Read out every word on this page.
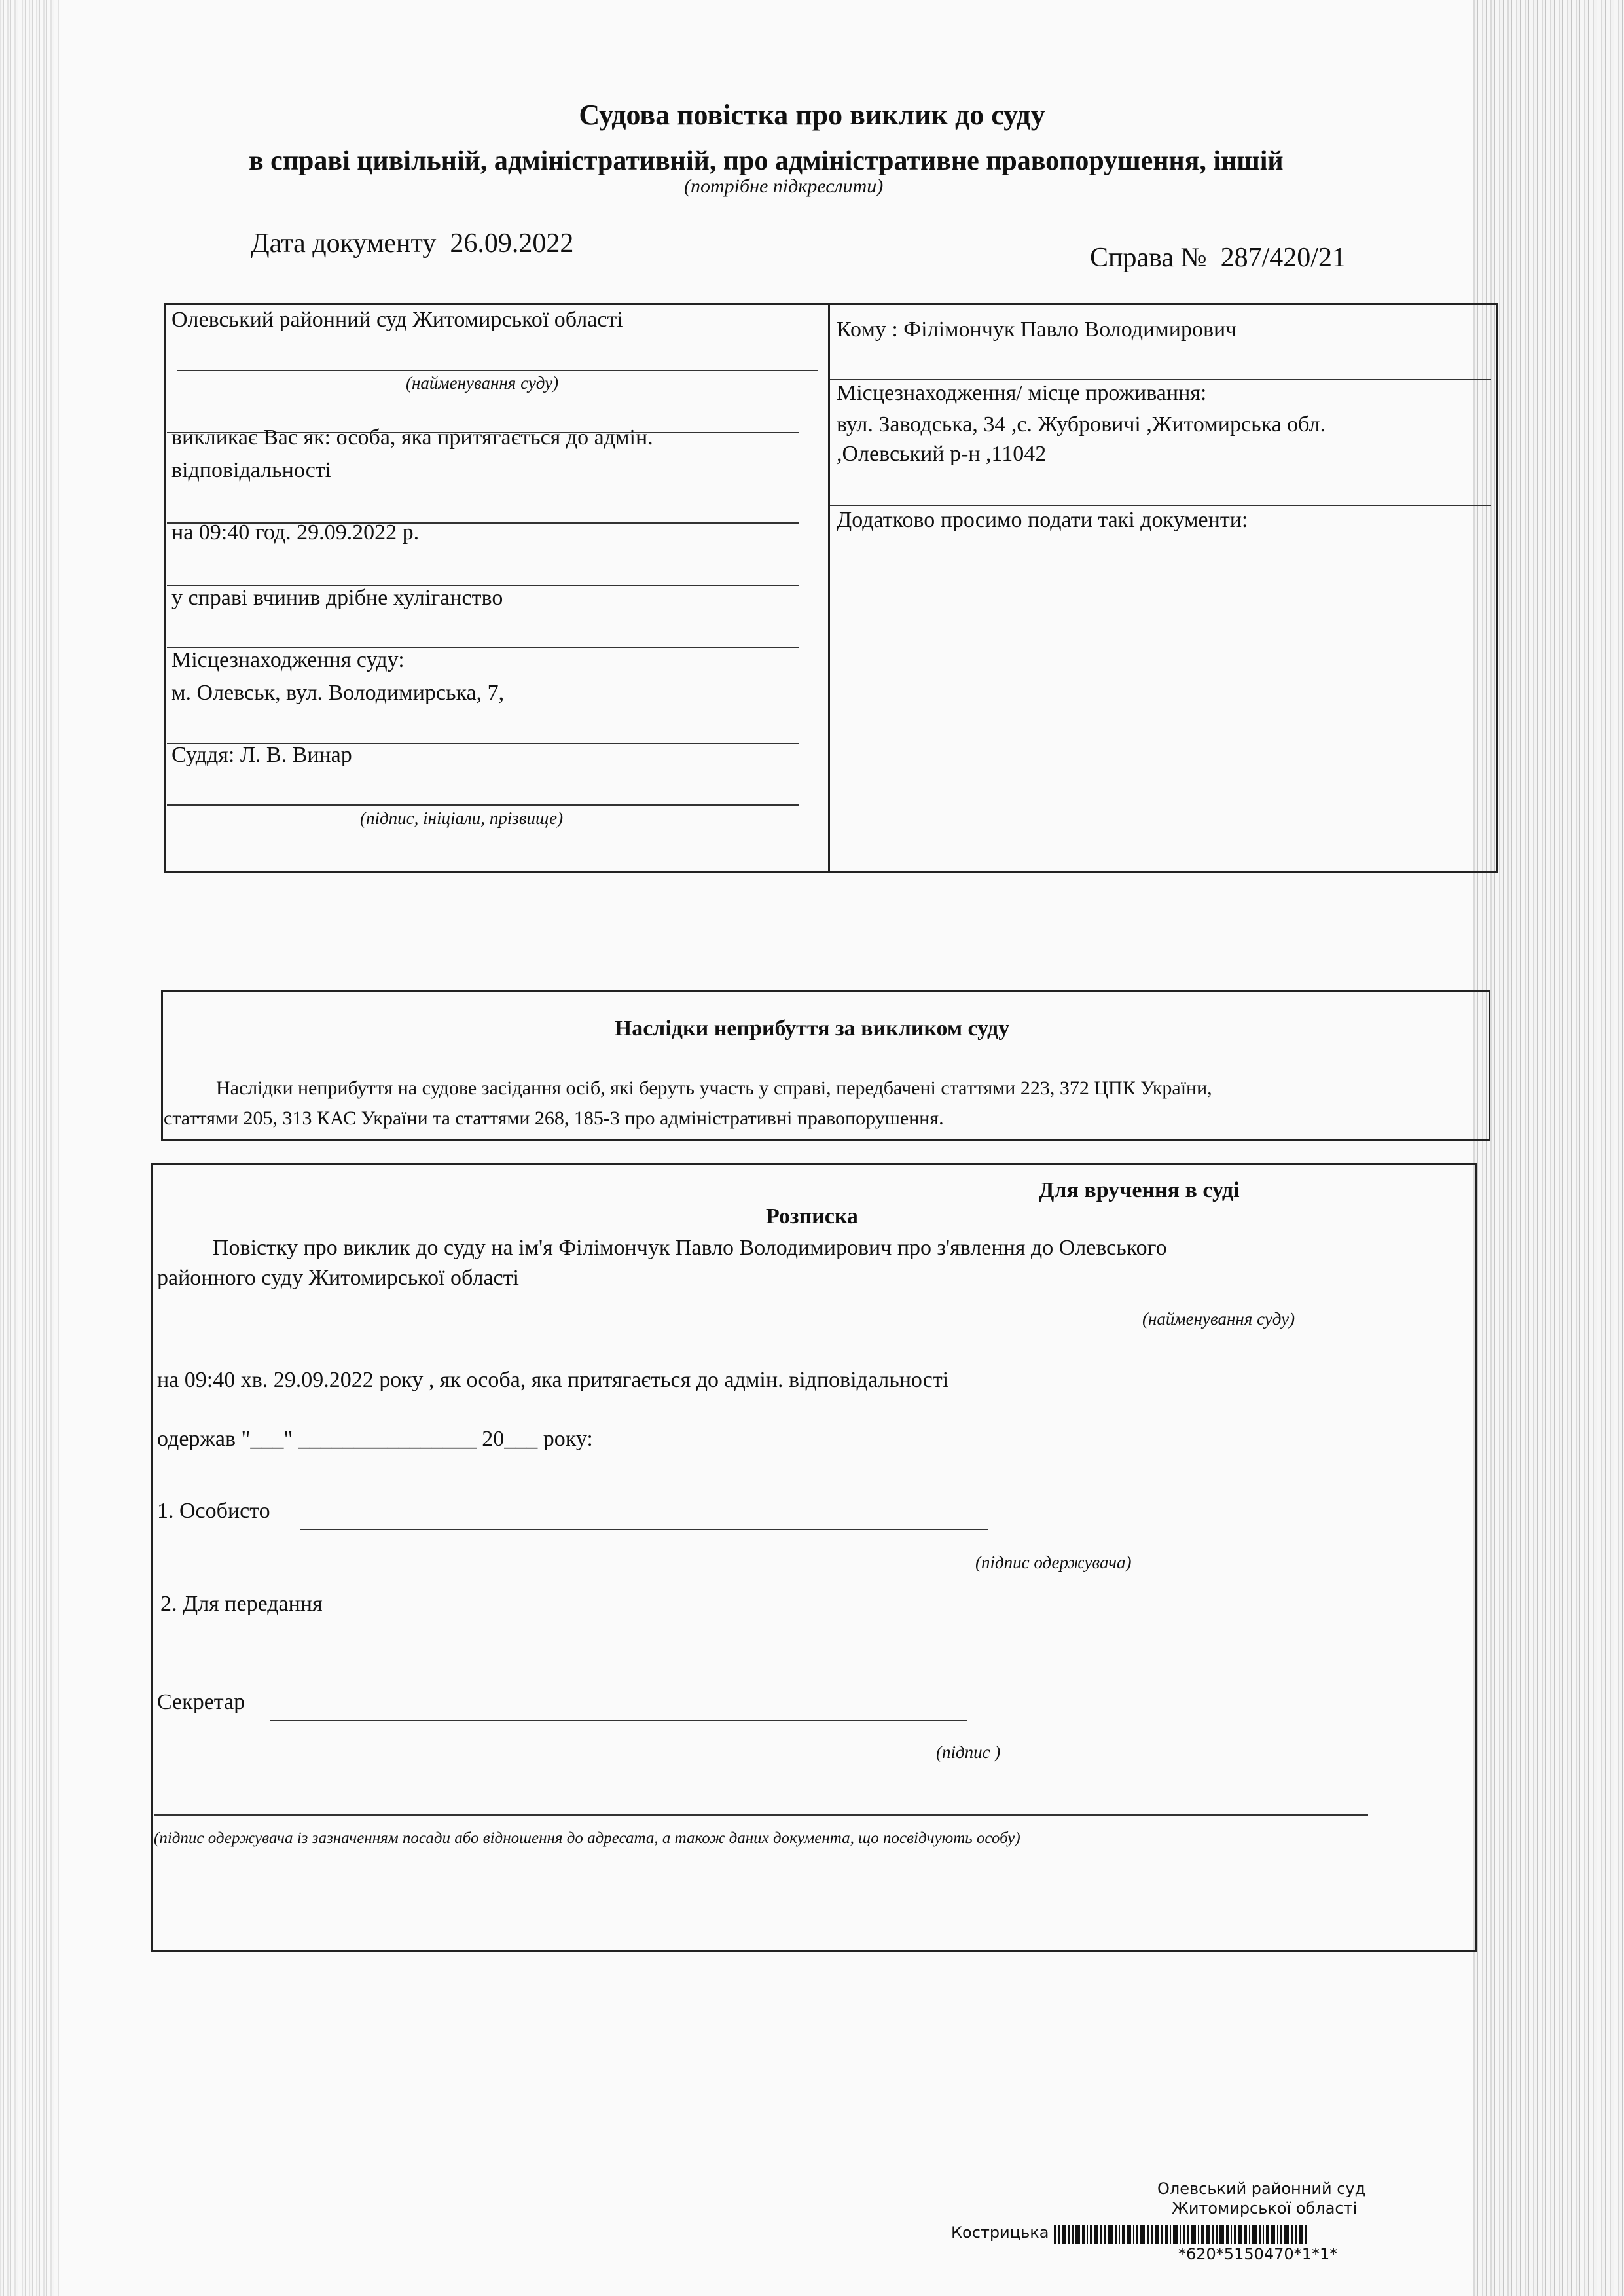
Судова повістка про виклик до суду
в справі цивільній, адміністративній, про адміністративне правопорушення, іншій
(потрібне підкреслити)
Дата документу 26.09.2022	Справа № 287/420/21
Олевський районний суд Житомирської області
(найменування суду)
викликає Вас як: особа, яка притягається до адмін.
відповідальності
на 09:40 год. 29.09.2022 р.
у справі вчинив дрібне хуліганство
Місцезнаходження суду:
м. Олевськ, вул. Володимирська, 7,
Суддя: Л. В. Винар
(підпис, ініціали, прізвище)
Кому : Філімончук Павло Володимирович
Місцезнаходження/ місце проживання:
вул. Заводська, 34 ,с. Жубровичі ,Житомирська обл.
,Олевський р-н ,11042
Додатково просимо подати такі документи:
Наслідки неприбуття за викликом суду
Наслідки неприбуття на судове засідання осіб, які беруть участь у справі, передбачені статтями 223, 372 ЦПК України,
статтями 205, 313 КАС України та статтями 268, 185-3 про адміністративні правопорушення.
Для вручення в суді
Розписка
Повістку про виклик до суду на ім'я Філімончук Павло Володимирович про з'явлення до Олевського
районного суду Житомирської області
(найменування суду)
на 09:40 хв. 29.09.2022 року , як особа, яка притягається до адмін. відповідальності
одержав "___" ________________ 20___ року:
1. Особисто
(підпис одержувача)
2. Для передання
Секретар
(підпис )
(підпис одержувача із зазначенням посади або відношення до адресата, а також даних документа, що посвідчують особу)
Олевський районний суд
Житомирської області
Кострицька
*620*5150470*1*1*
